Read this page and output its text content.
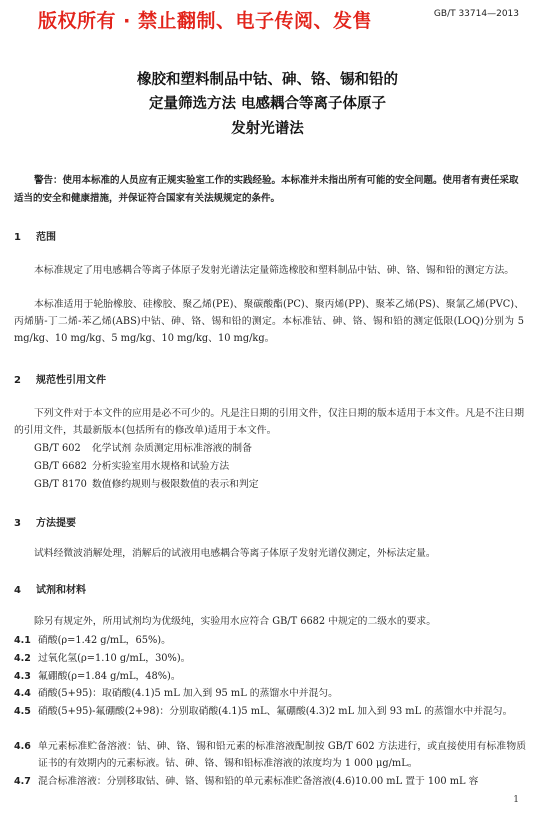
版权所有 · 禁止翻制、电子传阅、发售	GB/T 33714—2013
橡胶和塑料制品中钴、砷、铬、锡和铅的
定量筛选方法 电感耦合等离子体原子
发射光谱法
警告：使用本标准的人员应有正规实验室工作的实践经验。本标准并未指出所有可能的安全问题。使用者有责任采取适当的安全和健康措施，并保证符合国家有关法规规定的条件。
1 范围
本标准规定了用电感耦合等离子体原子发射光谱法定量筛选橡胶和塑料制品中钴、砷、铬、锡和铅的测定方法。
本标准适用于轮胎橡胶、硅橡胶、聚乙烯(PE)、聚碳酸酯(PC)、聚丙烯(PP)、聚苯乙烯(PS)、聚氯乙烯(PVC)、丙烯腈-丁二烯-苯乙烯(ABS)中钴、砷、铬、锡和铅的测定。本标准钴、砷、铬、锡和铅的测定低限(LOQ)分别为 5 mg/kg、10 mg/kg、5 mg/kg、10 mg/kg、10 mg/kg。
2 规范性引用文件
下列文件对于本文件的应用是必不可少的。凡是注日期的引用文件，仅注日期的版本适用于本文件。凡是不注日期的引用文件，其最新版本(包括所有的修改单)适用于本文件。
GB/T 602 化学试剂 杂质测定用标准溶液的制备
GB/T 6682 分析实验室用水规格和试验方法
GB/T 8170 数值修约规则与极限数值的表示和判定
3 方法提要
试料经微波消解处理，消解后的试液用电感耦合等离子体原子发射光谱仪测定，外标法定量。
4 试剂和材料
除另有规定外，所用试剂均为优级纯，实验用水应符合 GB/T 6682 中规定的二级水的要求。
4.1 硝酸(ρ=1.42 g/mL，65%)。
4.2 过氧化氢(ρ=1.10 g/mL，30%)。
4.3 氟硼酸(ρ=1.84 g/mL，48%)。
4.4 硝酸(5+95)：取硝酸(4.1)5 mL 加入到 95 mL 的蒸馏水中并混匀。
4.5 硝酸(5+95)-氟硼酸(2+98)：分别取硝酸(4.1)5 mL、氟硼酸(4.3)2 mL 加入到 93 mL 的蒸馏水中并混匀。
4.6 单元素标准贮备溶液：钴、砷、铬、锡和铅元素的标准溶液配制按 GB/T 602 方法进行，或直接使用有标准物质证书的有效期内的元素标液。钴、砷、铬、锡和铅标准溶液的浓度均为 1 000 μg/mL。
4.7 混合标准溶液：分别移取钴、砷、铬、锡和铅的单元素标准贮备溶液(4.6)10.00 mL 置于 100 mL 容
1
